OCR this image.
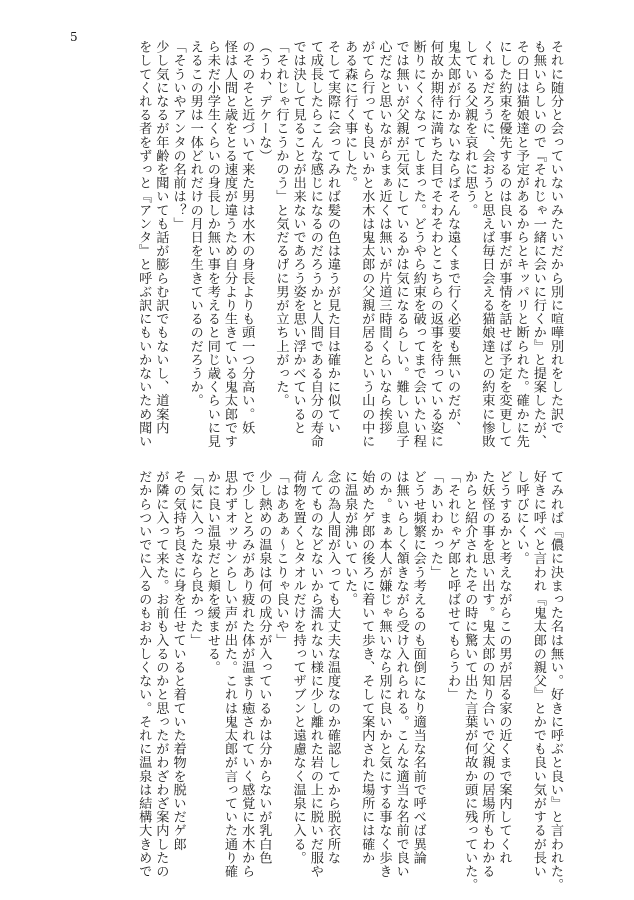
5

それに随分と会っていないみたいだから別に喧嘩別れをした訳で

も無いらしいので『それじゃ一緒に会いに行くか』と提案したが、

その日は猫娘達と予定があるからとキッパリと断られた。確かに先

にした約束を優先するのは良い事だが事情を話せば予定を変更して

くれるだろうに、会おうと思えば毎日会える猫娘達との約束に惨敗

している父親を哀れに思う。

鬼太郎が行かないならばそんな遠くまで行く必要も無いのだが、

何故か期待に満ちた目でそわそわとこちらの返事を待っている姿に

断りにくくなってしまった。どうやら約束を破ってまで会いたい程

では無いが父親が元気にしているかは気になるらしい。難しい息子

心だなと思いながらまぁ近くは無いが片道三時間くらいなら挨拶

がてら行っても良いかと水木は鬼太郎の父親が居るという山の中に

ある森に行く事にした。

そして実際に会ってみれば髪の色は違うが見た目は確かに似てい

て成長したらこんな感じになるのだろうかと人間である自分の寿命

では決して見ることが出来ないであろう姿を思い浮かべていると

「それじゃ行こうかのう」と気だるげに男が立ち上がった。

（うわ、デケーな）

のそのそと近づいて来た男は水木の身長よりも頭一つ分高い。妖

怪は人間と歳をとる速度が違うため自分より生きている鬼太郎です

ら未だ小学生くらいの身長しか無い事を考えると同じ歳くらいに見

えるこの男は一体どれだけの月日を生きているのだろうか。

「そういやアンタの名前は？」

少し気になるが年齢を聞いても話が膨らむ訳でもないし、道案内

をしてくれる者をずっと『アンタ』と呼ぶ訳にもいかないため聞い

てみれば『儂に決まった名は無い。好きに呼ぶと良い』と言われた。

好きに呼べと言われ『鬼太郎の親父』とかでも良い気がするが長い

し呼びにくい。

どうするかと考えながらこの男が居る家の近くまで案内してくれ

た妖怪の事を思い出す。鬼太郎の知り合いで父親の居場所もわかる

からと紹介されたその時に驚いて出た言葉が何故か頭に残っていた。

「それじゃゲ郎と呼ばせてもらうわ」

「あいわかった」

どうせ頻繁に会う考えるのも面倒になり適当な名前で呼べば異論

は無いらしく頷きながら受け入れられる。こんな適当な名前で良い

のか。まぁ本人が嫌じゃ無いなら別に良いかと気にする事なく歩き

始めたゲ郎の後ろに着いて歩き、そして案内された場所には確か

に温泉が沸いていた。

念の為人間が入っても大丈夫な温度なのか確認してから脱衣所な

んてものなどないから濡れない様に少し離れた岩の上に脱いだ服や

荷物を置くとタオルだけを持ってザブンと遠慮なく温泉に入る。

「はああぁ〜こりゃ良いや」

少し熱めの温泉は何の成分が入っているかは分からないが乳白色

で少しとろみがあり疲れた体が温まり癒されていく感覚に水木から

思わずオッサンらしい声が出た。これは鬼太郎が言っていた通り確

かに良い温泉だと頬を緩ませる。

「気に入ったなら良かった」

その気持ち良さに身を任せていると着ていた着物を脱いだゲ郎

が隣に入って来た。お前も入るのかと思ったがわざわざ案内したの

だからついでに入るのもおかしくない。それに温泉は結構大きめで
